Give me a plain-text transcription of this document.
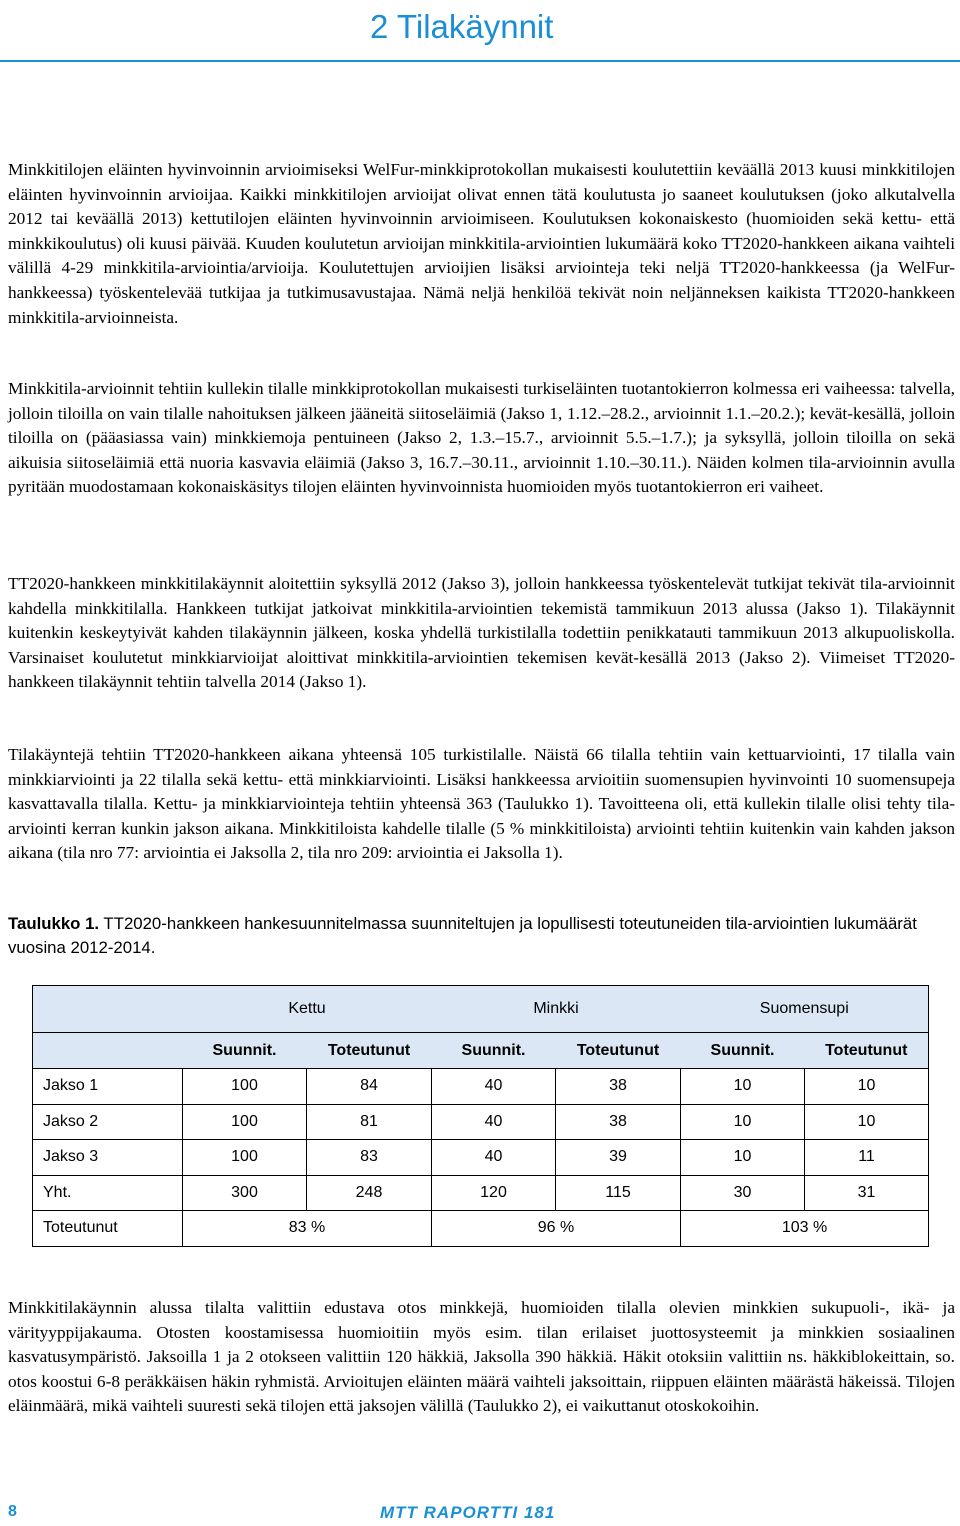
2 Tilakäynnit

Minkkitilojen eläinten hyvinvoinnin arvioimiseksi WelFur-minkkiprotokollan mukaisesti koulutettiin keväällä 2013 kuusi minkkitilojen eläinten hyvinvoinnin arvioijaa. Kaikki minkkitilojen arvioijat olivat ennen tätä koulutusta jo saaneet koulutuksen (joko alkutalvella 2012 tai keväällä 2013) kettutilojen eläinten hyvinvoinnin arvioimiseen. Koulutuksen kokonaiskesto (huomioiden sekä kettu- että minkkikoulutus) oli kuusi päivää. Kuuden koulutetun arvioijan minkkitila-arviointien lukumäärä koko TT2020-hankkeen aikana vaihteli välillä 4-29 minkkitila-arviointia/arvioija. Koulutettujen arvioijien lisäksi arviointeja teki neljä TT2020-hankkeessa (ja WelFur-hankkeessa) työskentelevää tutkijaa ja tutkimusavustajaa. Nämä neljä henkilöä tekivät noin neljänneksen kaikista TT2020-hankkeen minkkitila-arvioinneista.

Minkkitila-arvioinnit tehtiin kullekin tilalle minkkiprotokollan mukaisesti turkiseläinten tuotantokierron kolmessa eri vaiheessa: talvella, jolloin tiloilla on vain tilalle nahoituksen jälkeen jääneitä siitoseläimiä (Jakso 1, 1.12.–28.2., arvioinnit 1.1.–20.2.); kevät-kesällä, jolloin tiloilla on (pääasiassa vain) minkkiemoja pentuineen (Jakso 2, 1.3.–15.7., arvioinnit 5.5.–1.7.); ja syksyllä, jolloin tiloilla on sekä aikuisia siitoseläimiä että nuoria kasvavia eläimiä (Jakso 3, 16.7.–30.11., arvioinnit 1.10.–30.11.). Näiden kolmen tila-arvioinnin avulla pyritään muodostamaan kokonaiskäsitys tilojen eläinten hyvinvoinnista huomioiden myös tuotantokierron eri vaiheet.

TT2020-hankkeen minkkitilakäynnit aloitettiin syksyllä 2012 (Jakso 3), jolloin hankkeessa työskentelevät tutkijat tekivät tila-arvioinnit kahdella minkkitilalla. Hankkeen tutkijat jatkoivat minkkitila-arviointien tekemistä tammikuun 2013 alussa (Jakso 1). Tilakäynnit kuitenkin keskeytyivät kahden tilakäynnin jälkeen, koska yhdellä turkistilalla todettiin penikkatauti tammikuun 2013 alkupuoliskolla. Varsinaiset koulutetut minkkiarvioijat aloittivat minkkitila-arviointien tekemisen kevät-kesällä 2013 (Jakso 2). Viimeiset TT2020-hankkeen tilakäynnit tehtiin talvella 2014 (Jakso 1).

Tilakäyntejä tehtiin TT2020-hankkeen aikana yhteensä 105 turkistilalle. Näistä 66 tilalla tehtiin vain kettuarviointi, 17 tilalla vain minkkiarviointi ja 22 tilalla sekä kettu- että minkkiarviointi. Lisäksi hankkeessa arvioitiin suomensupien hyvinvointi 10 suomensupeja kasvattavalla tilalla. Kettu- ja minkkiarviointeja tehtiin yhteensä 363 (Taulukko 1). Tavoitteena oli, että kullekin tilalle olisi tehty tila-arviointi kerran kunkin jakson aikana. Minkkitiloista kahdelle tilalle (5 % minkkitiloista) arviointi tehtiin kuitenkin vain kahden jakson aikana (tila nro 77: arviointia ei Jaksolla 2, tila nro 209: arviointia ei Jaksolla 1).

Taulukko 1. TT2020-hankkeen hankesuunnitelmassa suunniteltujen ja lopullisesti toteutuneiden tila-arviointien lukumäärät vuosina 2012-2014.

	Kettu		Minkki		Suomensupi	
	Suunnit.	Toteutunut	Suunnit.	Toteutunut	Suunnit.	Toteutunut
Jakso 1	100	84	40	38	10	10
Jakso 2	100	81	40	38	10	10
Jakso 3	100	83	40	39	10	11
Yht.	300	248	120	115	30	31
Toteutunut	83 %		96 %		103 %	

Minkkitilakäynnin alussa tilalta valittiin edustava otos minkkejä, huomioiden tilalla olevien minkkien sukupuoli-, ikä- ja värityyppijakauma. Otosten koostamisessa huomioitiin myös esim. tilan erilaiset juottosysteemit ja minkkien sosiaalinen kasvatusympäristö. Jaksoilla 1 ja 2 otokseen valittiin 120 häkkiä, Jaksolla 390 häkkiä. Häkit otoksiin valittiin ns. häkkiblokeittain, so. otos koostui 6-8 peräkkäisen häkin ryhmistä. Arvioitujen eläinten määrä vaihteli jaksoittain, riippuen eläinten määrästä häkeissä. Tilojen eläinmäärä, mikä vaihteli suuresti sekä tilojen että jaksojen välillä (Taulukko 2), ei vaikuttanut otoskokoihin.

8	MTT RAPORTTI 181
